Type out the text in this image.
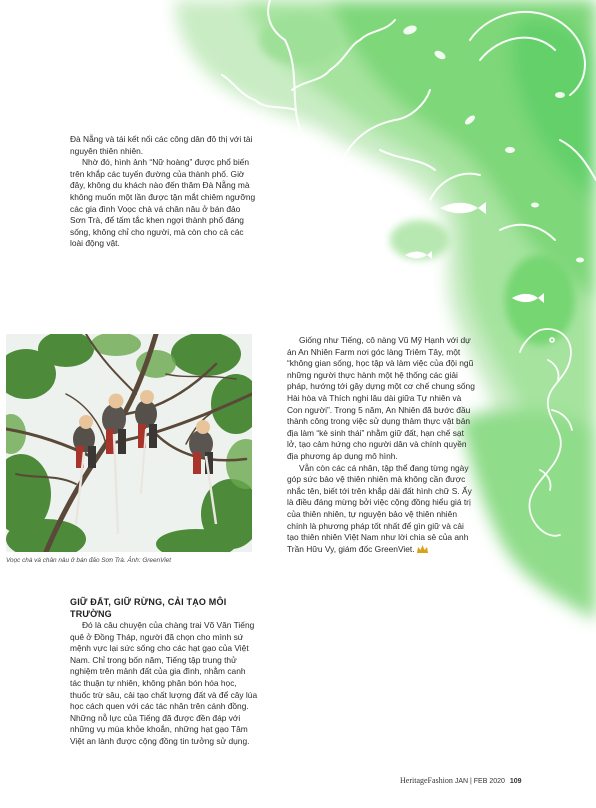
Đà Nẵng và tái kết nối các công dân đô thị với tài nguyên thiên nhiên.

Nhờ đó, hình ảnh “Nữ hoàng” được phổ biến trên khắp các tuyến đường của thành phố. Giờ đây, không du khách nào đến thăm Đà Nẵng mà không muốn một lần được tận mắt chiêm ngưỡng các gia đình Voọc chà vá chân nâu ở bán đảo Sơn Trà, để tấm tắc khen ngợi thành phố đáng sống, không chỉ cho người, mà còn cho cả các loài động vật.

Voọc chà vá chân nâu ở bán đảo Sơn Trà. Ảnh: GreenViet

Giống như Tiếng, cô nàng Vũ Mỹ Hạnh với dự án An Nhiên Farm nơi góc làng Triêm Tây, một “không gian sống, học tập và làm việc của đội ngũ những người thực hành một hệ thống các giải pháp, hướng tới gây dựng một cơ chế chung sống Hài hòa và Thích nghi lâu dài giữa Tự nhiên và Con người”. Trong 5 năm, An Nhiên đã bước đầu thành công trong việc sử dụng thảm thực vật bản địa làm “kè sinh thái” nhằm giữ đất, hạn chế sạt lở, tạo cảm hứng cho người dân và chính quyền địa phương áp dụng mô hình.

Vẫn còn các cá nhân, tập thể đang từng ngày góp sức bảo vệ thiên nhiên mà không cần được nhắc tên, biết tới trên khắp dải đất hình chữ S. Ấy là điều đáng mừng bởi việc cộng đồng hiểu giá trị của thiên nhiên, tự nguyện bảo vệ thiên nhiên chính là phương pháp tốt nhất để gìn giữ và cải tạo thiên nhiên Việt Nam như lời chia sẻ của anh Trần Hữu Vy, giám đốc GreenViet.

GIỮ ĐẤT, GIỮ RỪNG, CẢI TẠO MÔI TRƯỜNG

Đó là câu chuyện của chàng trai Võ Văn Tiếng quê ở Đồng Tháp, người đã chọn cho mình sứ mệnh vực lại sức sống cho các hạt gạo của Việt Nam. Chỉ trong bốn năm, Tiếng tập trung thử nghiệm trên mảnh đất của gia đình, nhằm canh tác thuận tự nhiên, không phân bón hóa học, thuốc trừ sâu, cải tạo chất lượng đất và để cây lúa học cách quen với các tác nhân trên cánh đồng. Những nỗ lực của Tiếng đã được đền đáp với những vụ mùa khỏe khoắn, những hạt gạo Tâm Việt an lành được cộng đồng tin tưởng sử dụng.

HeritageFashion JAN | FEB 2020 109
